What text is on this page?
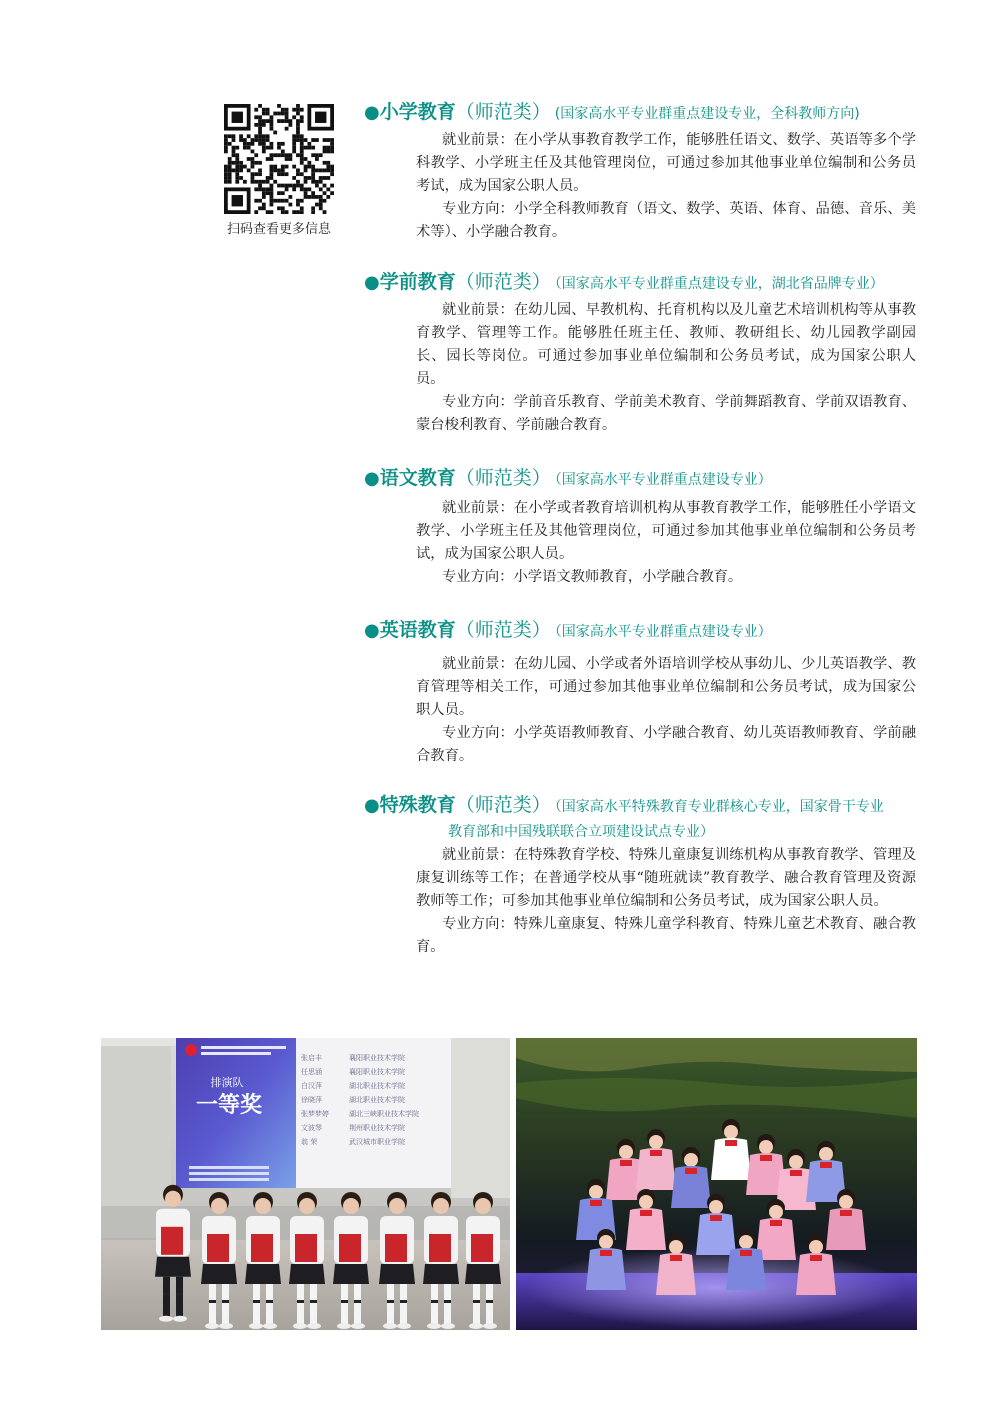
扫码查看更多信息
●小学教育（师范类） (国家高水平专业群重点建设专业，全科教师方向)

就业前景：在小学从事教育教学工作，能够胜任语文、数学、英语等多个学科教学、小学班主任及其他管理岗位，可通过参加其他事业单位编制和公务员考试，成为国家公职人员。

专业方向：小学全科教师教育（语文、数学、英语、体育、品德、音乐、美术等）、小学融合教育。

●学前教育（师范类） （国家高水平专业群重点建设专业，湖北省品牌专业）

就业前景：在幼儿园、早教机构、托育机构以及儿童艺术培训机构等从事教育教学、管理等工作。能够胜任班主任、教师、教研组长、幼儿园教学副园长、园长等岗位。可通过参加事业单位编制和公务员考试，成为国家公职人员。

专业方向：学前音乐教育、学前美术教育、学前舞蹈教育、学前双语教育、蒙台梭利教育、学前融合教育。

●语文教育（师范类） （国家高水平专业群重点建设专业）

就业前景：在小学或者教育培训机构从事教育教学工作，能够胜任小学语文教学、小学班主任及其他管理岗位，可通过参加其他事业单位编制和公务员考试，成为国家公职人员。

专业方向：小学语文教师教育，小学融合教育。

●英语教育（师范类） （国家高水平专业群重点建设专业）

就业前景：在幼儿园、小学或者外语培训学校从事幼儿、少儿英语教学、教育管理等相关工作，可通过参加其他事业单位编制和公务员考试，成为国家公职人员。

专业方向：小学英语教师教育、小学融合教育、幼儿英语教师教育、学前融合教育。

●特殊教育（师范类） （国家高水平特殊教育专业群核心专业，国家骨干专业
教育部和中国残联联合立项建设试点专业）

就业前景：在特殊教育学校、特殊儿童康复训练机构从事教育教学、管理及康复训练等工作；在普通学校从事“随班就读”教育教学、融合教育管理及资源教师等工作；可参加其他事业单位编制和公务员考试，成为国家公职人员。

专业方向：特殊儿童康复、特殊儿童学科教育、特殊儿童艺术教育、融合教育。

排演队
一等奖
张启丰	襄阳职业技术学院
任思涵	襄阳职业技术学院
白汉萍	湖北职业技术学院
徐晓萍	湖北职业技术学院
张梦梦婷	湖北三峡职业技术学院
文波琴	荆州职业技术学院
翁 荣	武汉城市职业学院
